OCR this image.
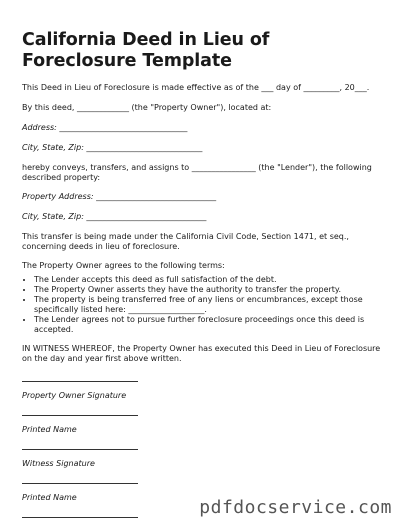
California Deed in Lieu of Foreclosure Template

This Deed in Lieu of Foreclosure is made effective as of the ___ day of _________, 20___.

By this deed, _____________ (the "Property Owner"), located at:

Address: ________________________________

City, State, Zip: _____________________________

hereby conveys, transfers, and assigns to ________________ (the "Lender"), the following described property:

Property Address: ______________________________

City, State, Zip: ______________________________

This transfer is being made under the California Civil Code, Section 1471, et seq., concerning deeds in lieu of foreclosure.

The Property Owner agrees to the following terms:

• The Lender accepts this deed as full satisfaction of the debt.
• The Property Owner asserts they have the authority to transfer the property.
• The property is being transferred free of any liens or encumbrances, except those specifically listed here: ___________________.
• The Lender agrees not to pursue further foreclosure proceedings once this deed is accepted.

IN WITNESS WHEREOF, the Property Owner has executed this Deed in Lieu of Foreclosure on the day and year first above written.

Property Owner Signature
Printed Name
Witness Signature
Printed Name	pdfdocservice.com
